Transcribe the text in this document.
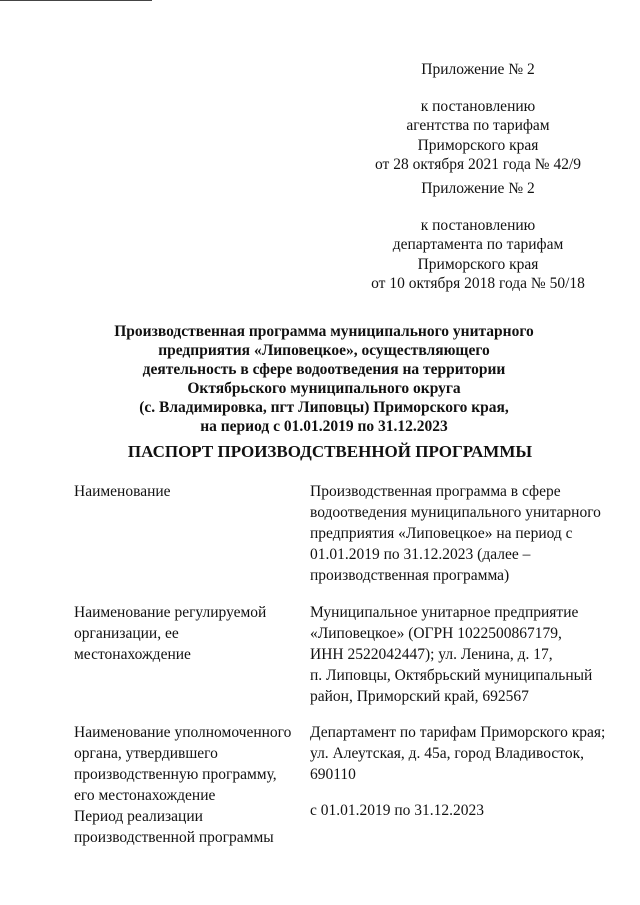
Приложение № 2
к постановлению
агентства по тарифам
Приморского края
от 28 октября 2021 года № 42/9
Приложение № 2
к постановлению
департамента по тарифам
Приморского края
от 10 октября 2018 года № 50/18
Производственная программа муниципального унитарного
предприятия «Липовецкое», осуществляющего
деятельность в сфере водоотведения на территории
Октябрьского муниципального округа
(с. Владимировка, пгт Липовцы) Приморского края,
на период с 01.01.2019 по 31.12.2023
ПАСПОРТ ПРОИЗВОДСТВЕННОЙ ПРОГРАММЫ
Наименование	Производственная программа в сфере
водоотведения муниципального унитарного
предприятия «Липовецкое» на период с
01.01.2019 по 31.12.2023 (далее –
производственная программа)
Наименование регулируемой
организации, ее
местонахождение
Муниципальное унитарное предприятие
«Липовецкое» (ОГРН 1022500867179,
ИНН 2522042447); ул. Ленина, д. 17,
п. Липовцы, Октябрьский муниципальный
район, Приморский край, 692567
Наименование уполномоченного
органа, утвердившего
производственную программу,
его местонахождение
Департамент по тарифам Приморского края;
ул. Алеутская, д. 45а, город Владивосток,
690110
Период реализации
производственной программы
с 01.01.2019 по 31.12.2023
